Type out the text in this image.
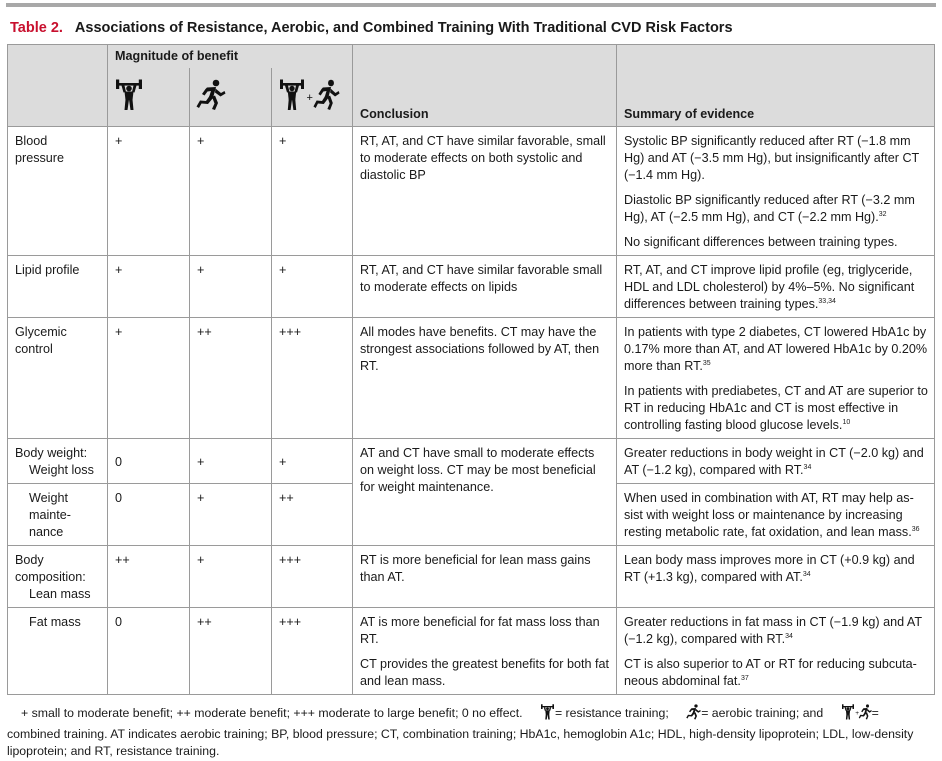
Table 2. Associations of Resistance, Aerobic, and Combined Training With Traditional CVD Risk Factors
	Magnitude of benefit			Conclusion	Summary of evidence

+		

Blood
pressure	+	+	+	RT, AT, and CT have similar favorable, small to moderate effects on both systolic and diastolic BP	Systolic BP significantly reduced after RT (−1.8 mm Hg) and AT (−3.5 mm Hg), but insignificantly after CT (−1.4 mm Hg).
Diastolic BP significantly reduced after RT (−3.2 mm Hg), AT (−2.5 mm Hg), and CT (−2.2 mm Hg).$^{32}$
No significant differences between training types.

Lipid profile	+	+	+	RT, AT, and CT have similar favorable small to moderate effects on lipids	RT, AT, and CT improve lipid profile (eg, triglyceride, HDL and LDL cholesterol) by 4%–5%. No significant differences between training types.$^{33,34}$

Glycemic
control	+	++	+++	All modes have benefits. CT may have the strongest associations followed by AT, then RT.	In patients with type 2 diabetes, CT lowered HbA1c by 0.17% more than AT, and AT lowered HbA1c by 0.20% more than RT.$^{35}$
In patients with prediabetes, CT and AT are superior to RT in reducing HbA1c and CT is most effective in controlling fasting blood glucose levels.$^{10}$

Body weight:
Weight loss	0	+	+	AT and CT have small to moderate effects on weight loss. CT may be most beneficial for weight maintenance.	Greater reductions in body weight in CT (−2.0 kg) and AT (−1.2 kg), compared with RT.$^{34}$

Weight
mainte-
nance	0	+	++		When used in combination with AT, RT may help as- sist with weight loss or maintenance by increasing resting metabolic rate, fat oxidation, and lean mass.$^{36}$

Body
composition:
Lean mass	++	+	+++	RT is more beneficial for lean mass gains than AT.	Lean body mass improves more in CT (+0.9 kg) and RT (+1.3 kg), compared with AT.$^{34}$

Fat mass	0	++	+++	AT is more beneficial for fat mass loss than RT.
CT provides the greatest benefits for both fat and lean mass.	Greater reductions in fat mass in CT (−1.9 kg) and AT (−1.2 kg), compared with RT.$^{34}$
CT is also superior to AT or RT for reducing subcuta- neous abdominal fat.$^{37}$
+ small to moderate benefit; ++ moderate benefit; +++ moderate to large benefit; 0 no effect.	= resistance training;	= aerobic training; and + = combined training. AT indicates aerobic training; BP, blood pressure; CT, combination training; HbA1c, hemoglobin A1c; HDL, high-density lipoprotein; LDL, low-density lipoprotein; and RT, resistance training.
